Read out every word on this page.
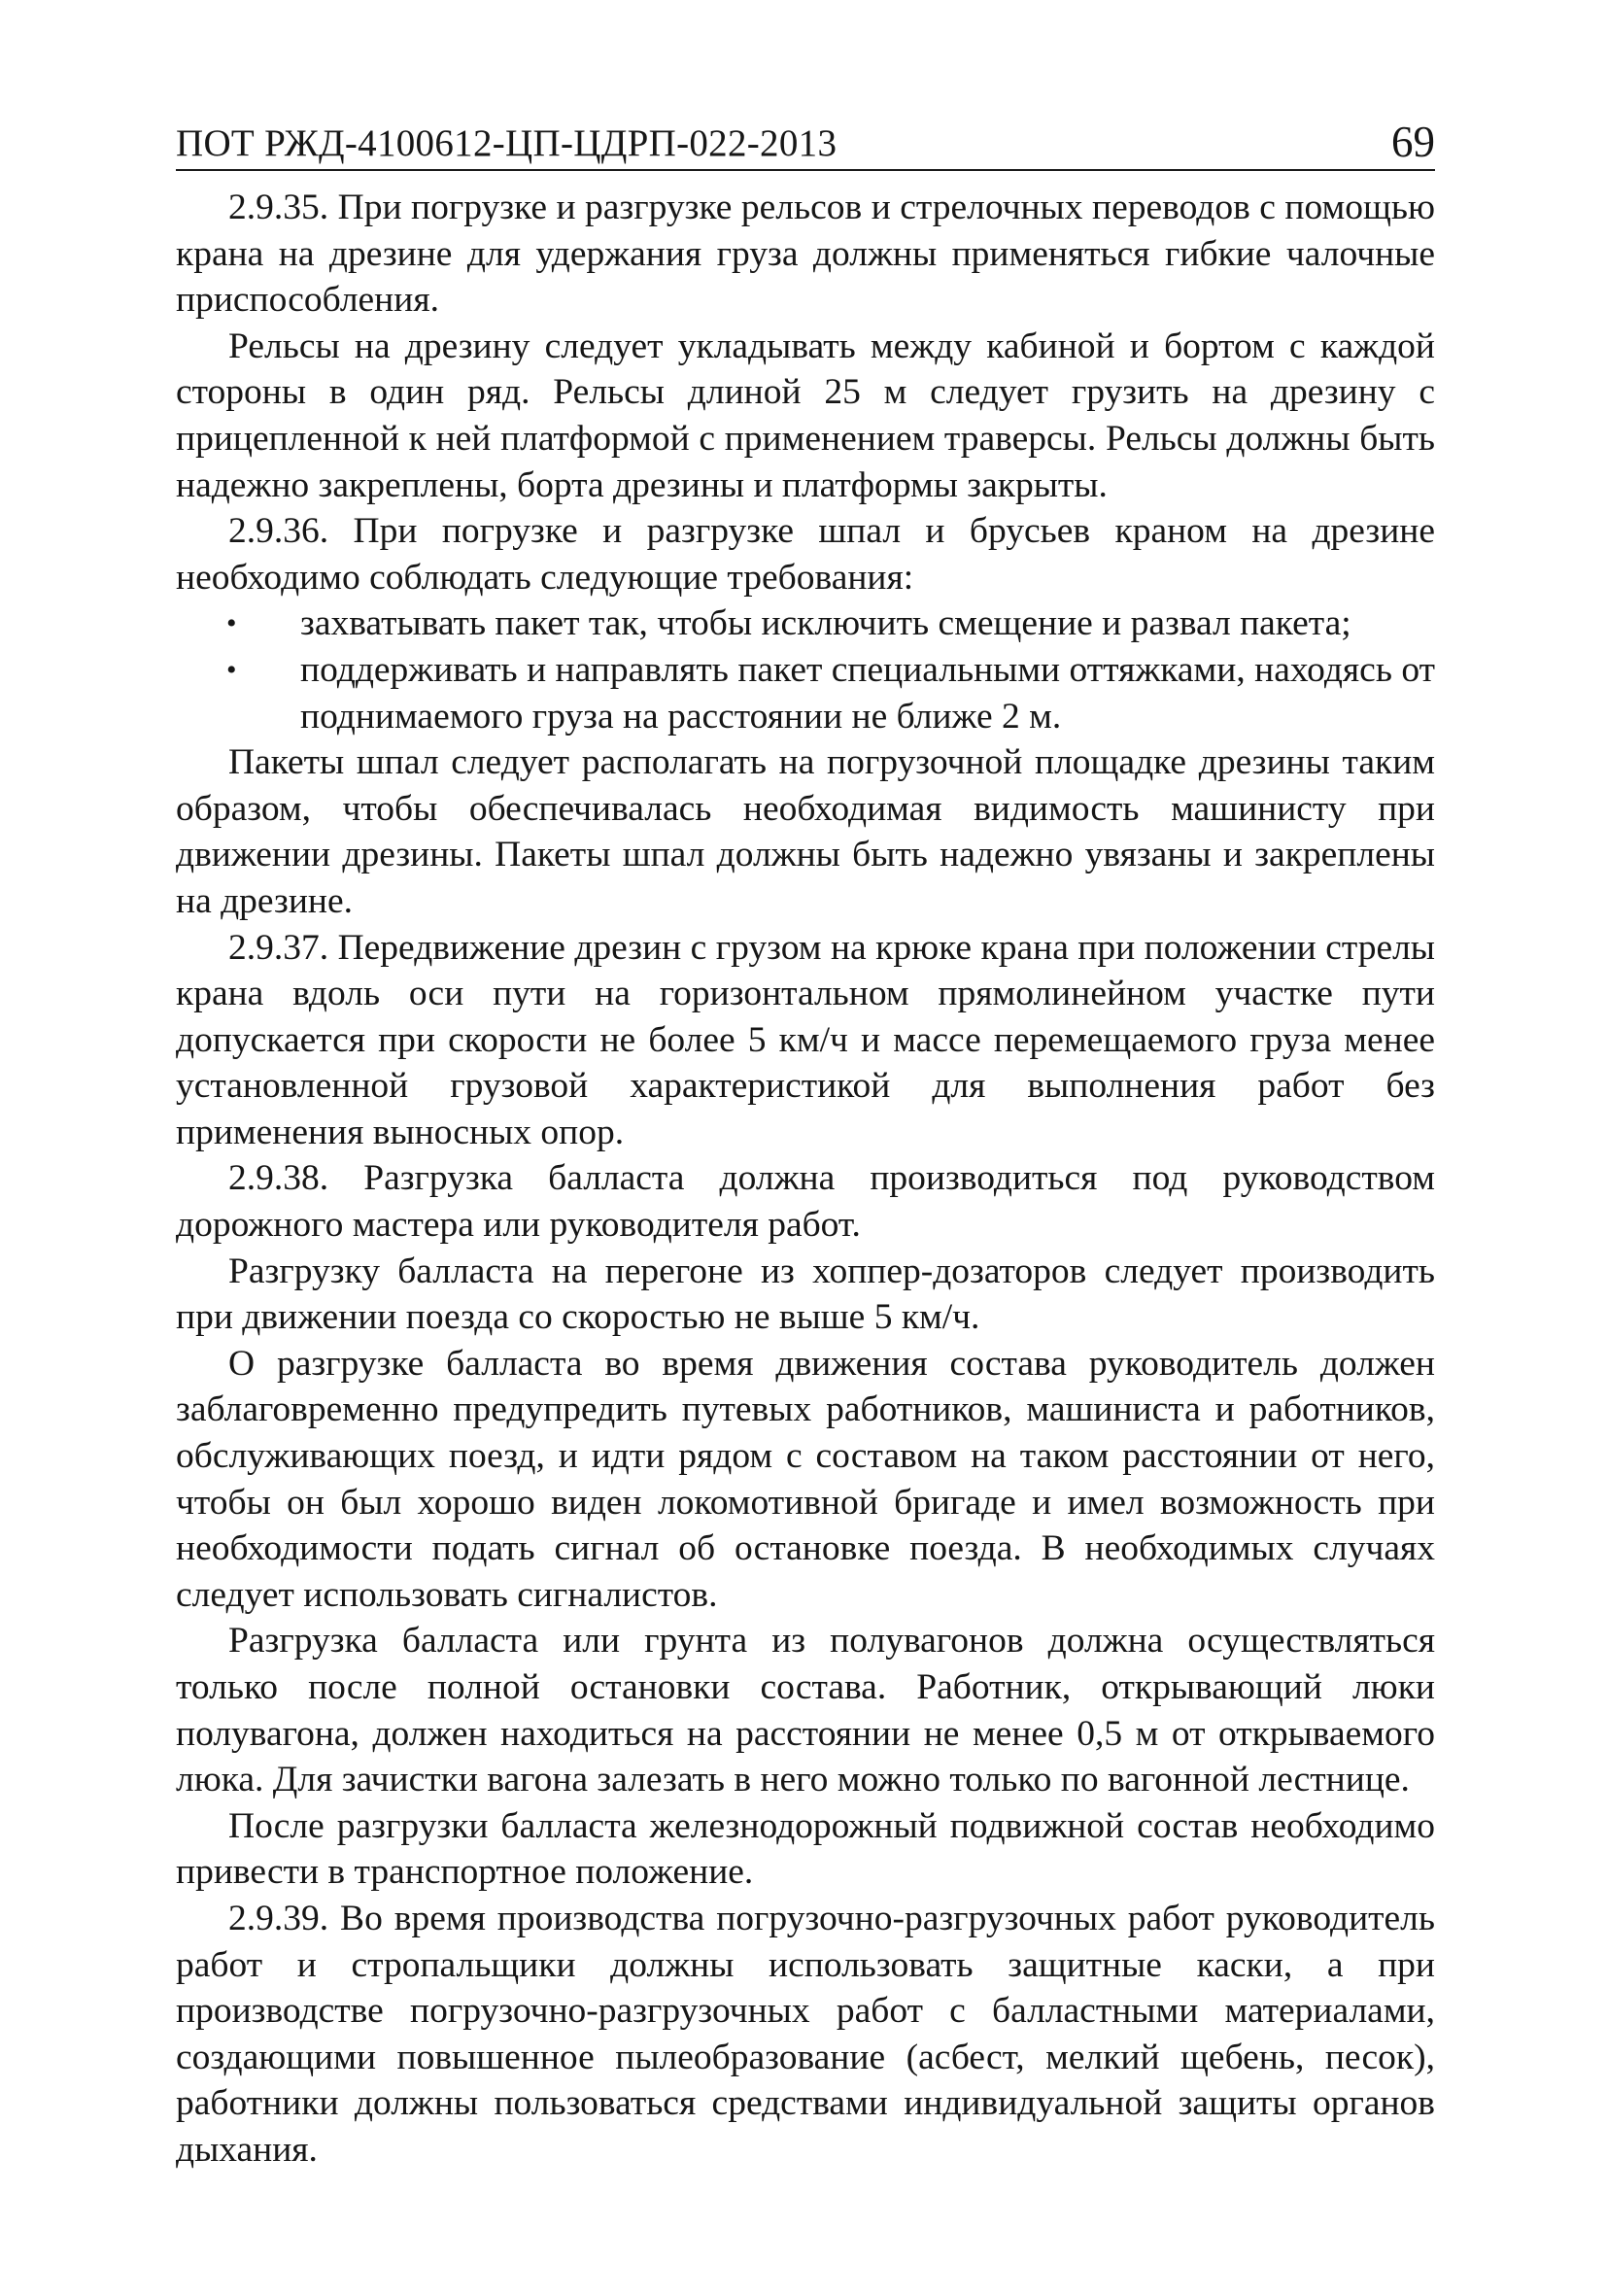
ПОТ РЖД-4100612-ЦП-ЦДРП-022-2013	69

2.9.35. При погрузке и разгрузке рельсов и стрелочных переводов с помощью крана на дрезине для удержания груза должны применяться гибкие чалочные приспособления.

Рельсы на дрезину следует укладывать между кабиной и бортом с каждой стороны в один ряд. Рельсы длиной 25 м следует грузить на дрезину с прицепленной к ней платформой с применением траверсы. Рельсы должны быть надежно закреплены, борта дрезины и платформы закрыты.

2.9.36. При погрузке и разгрузке шпал и брусьев краном на дрезине необходимо соблюдать следующие требования:

• захватывать пакет так, чтобы исключить смещение и развал пакета;
• поддерживать и направлять пакет специальными оттяжками, находясь от поднимаемого груза на расстоянии не ближе 2 м.

Пакеты шпал следует располагать на погрузочной площадке дрезины таким образом, чтобы обеспечивалась необходимая видимость машинисту при движении дрезины. Пакеты шпал должны быть надежно увязаны и закреплены на дрезине.

2.9.37. Передвижение дрезин с грузом на крюке крана при положении стрелы крана вдоль оси пути на горизонтальном прямолинейном участке пути допускается при скорости не более 5 км/ч и массе перемещаемого груза менее установленной грузовой характеристикой для выполнения работ без применения выносных опор.

2.9.38. Разгрузка балласта должна производиться под руководством дорожного мастера или руководителя работ.

Разгрузку балласта на перегоне из хоппер-дозаторов следует производить при движении поезда со скоростью не выше 5 км/ч.

О разгрузке балласта во время движения состава руководитель должен заблаговременно предупредить путевых работников, машиниста и работников, обслуживающих поезд, и идти рядом с составом на таком расстоянии от него, чтобы он был хорошо виден локомотивной бригаде и имел возможность при необходимости подать сигнал об остановке поезда. В необходимых случаях следует использовать сигналистов.

Разгрузка балласта или грунта из полувагонов должна осуществляться только после полной остановки состава. Работник, открывающий люки полувагона, должен находиться на расстоянии не менее 0,5 м от открываемого люка. Для зачистки вагона залезать в него можно только по вагонной лестнице.

После разгрузки балласта железнодорожный подвижной состав необходимо привести в транспортное положение.

2.9.39. Во время производства погрузочно-разгрузочных работ руководитель работ и стропальщики должны использовать защитные каски, а при производстве погрузочно-разгрузочных работ с балластными материалами, создающими повышенное пылеобразование (асбест, мелкий щебень, песок), работники должны пользоваться средствами индивидуальной защиты органов дыхания.
